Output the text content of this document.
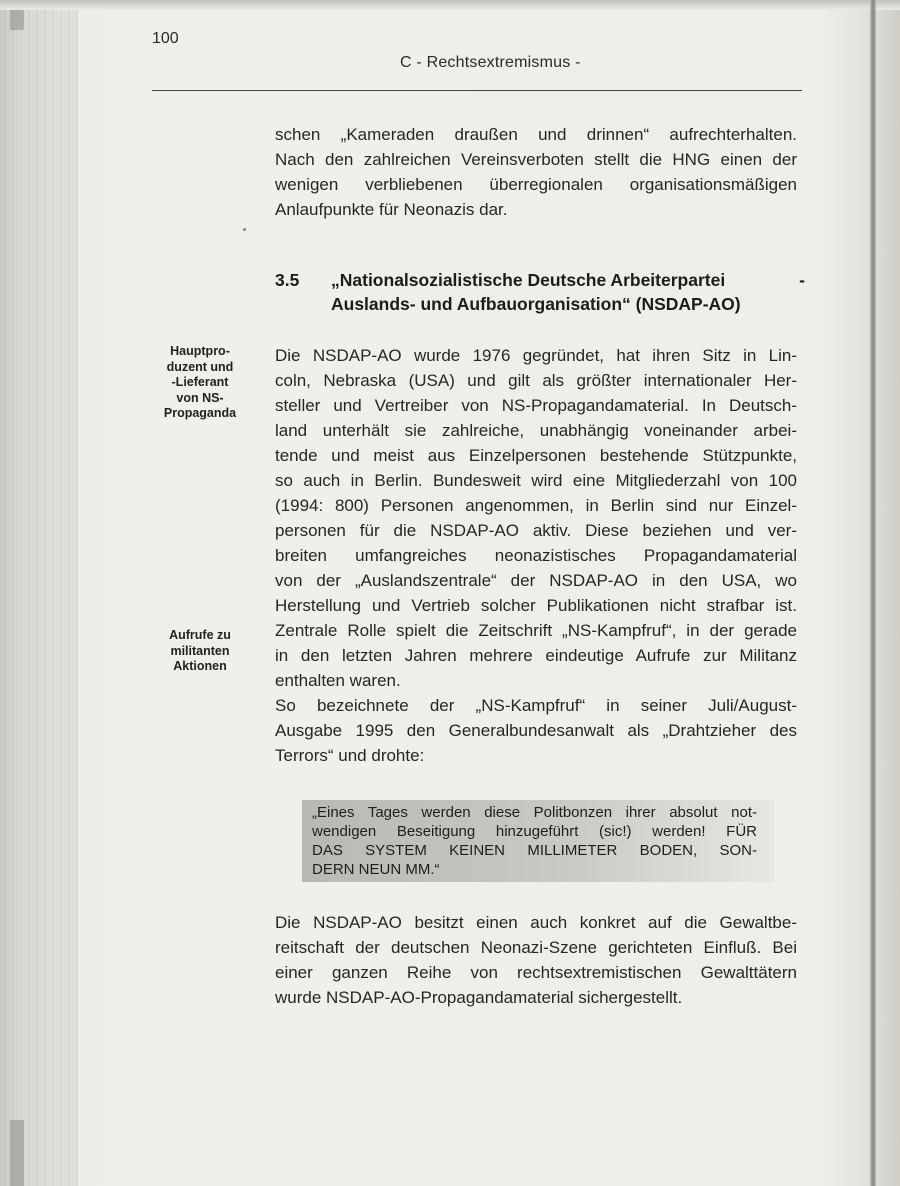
100
C - Rechtsextremismus -
schen „Kameraden draußen und drinnen“ aufrechterhalten.
Nach den zahlreichen Vereinsverboten stellt die HNG einen der
wenigen verbliebenen überregionalen organisationsmäßigen
Anlaufpunkte für Neonazis dar.
3.5 „Nationalsozialistische Deutsche Arbeiterpartei	-
Auslands- und Aufbauorganisation“ (NSDAP-AO)
Hauptpro-
duzent und
-Lieferant
von NS-
Propaganda
Aufrufe zu
militanten
Aktionen
Die NSDAP-AO wurde 1976 gegründet, hat ihren Sitz in Lin-
coln, Nebraska (USA) und gilt als größter internationaler Her-
steller und Vertreiber von NS-Propagandamaterial. In Deutsch-
land unterhält sie zahlreiche, unabhängig voneinander arbei-
tende und meist aus Einzelpersonen bestehende Stützpunkte,
so auch in Berlin. Bundesweit wird eine Mitgliederzahl von 100
(1994: 800) Personen angenommen, in Berlin sind nur Einzel-
personen für die NSDAP-AO aktiv. Diese beziehen und ver-
breiten umfangreiches neonazistisches Propagandamaterial
von der „Auslandszentrale“ der NSDAP-AO in den USA, wo
Herstellung und Vertrieb solcher Publikationen nicht strafbar ist.
Zentrale Rolle spielt die Zeitschrift „NS-Kampfruf“, in der gerade
in den letzten Jahren mehrere eindeutige Aufrufe zur Militanz
enthalten waren.
So bezeichnete der „NS-Kampfruf“ in seiner Juli/August-
Ausgabe 1995 den Generalbundesanwalt als „Drahtzieher des
Terrors“ und drohte:
„Eines Tages werden diese Politbonzen ihrer absolut not-
wendigen Beseitigung hinzugeführt (sic!) werden! FÜR
DAS SYSTEM KEINEN MILLIMETER BODEN, SON-
DERN NEUN MM.“
Die NSDAP-AO besitzt einen auch konkret auf die Gewaltbe-
reitschaft der deutschen Neonazi-Szene gerichteten Einfluß. Bei
einer ganzen Reihe von rechtsextremistischen Gewalttätern
wurde NSDAP-AO-Propagandamaterial sichergestellt.
